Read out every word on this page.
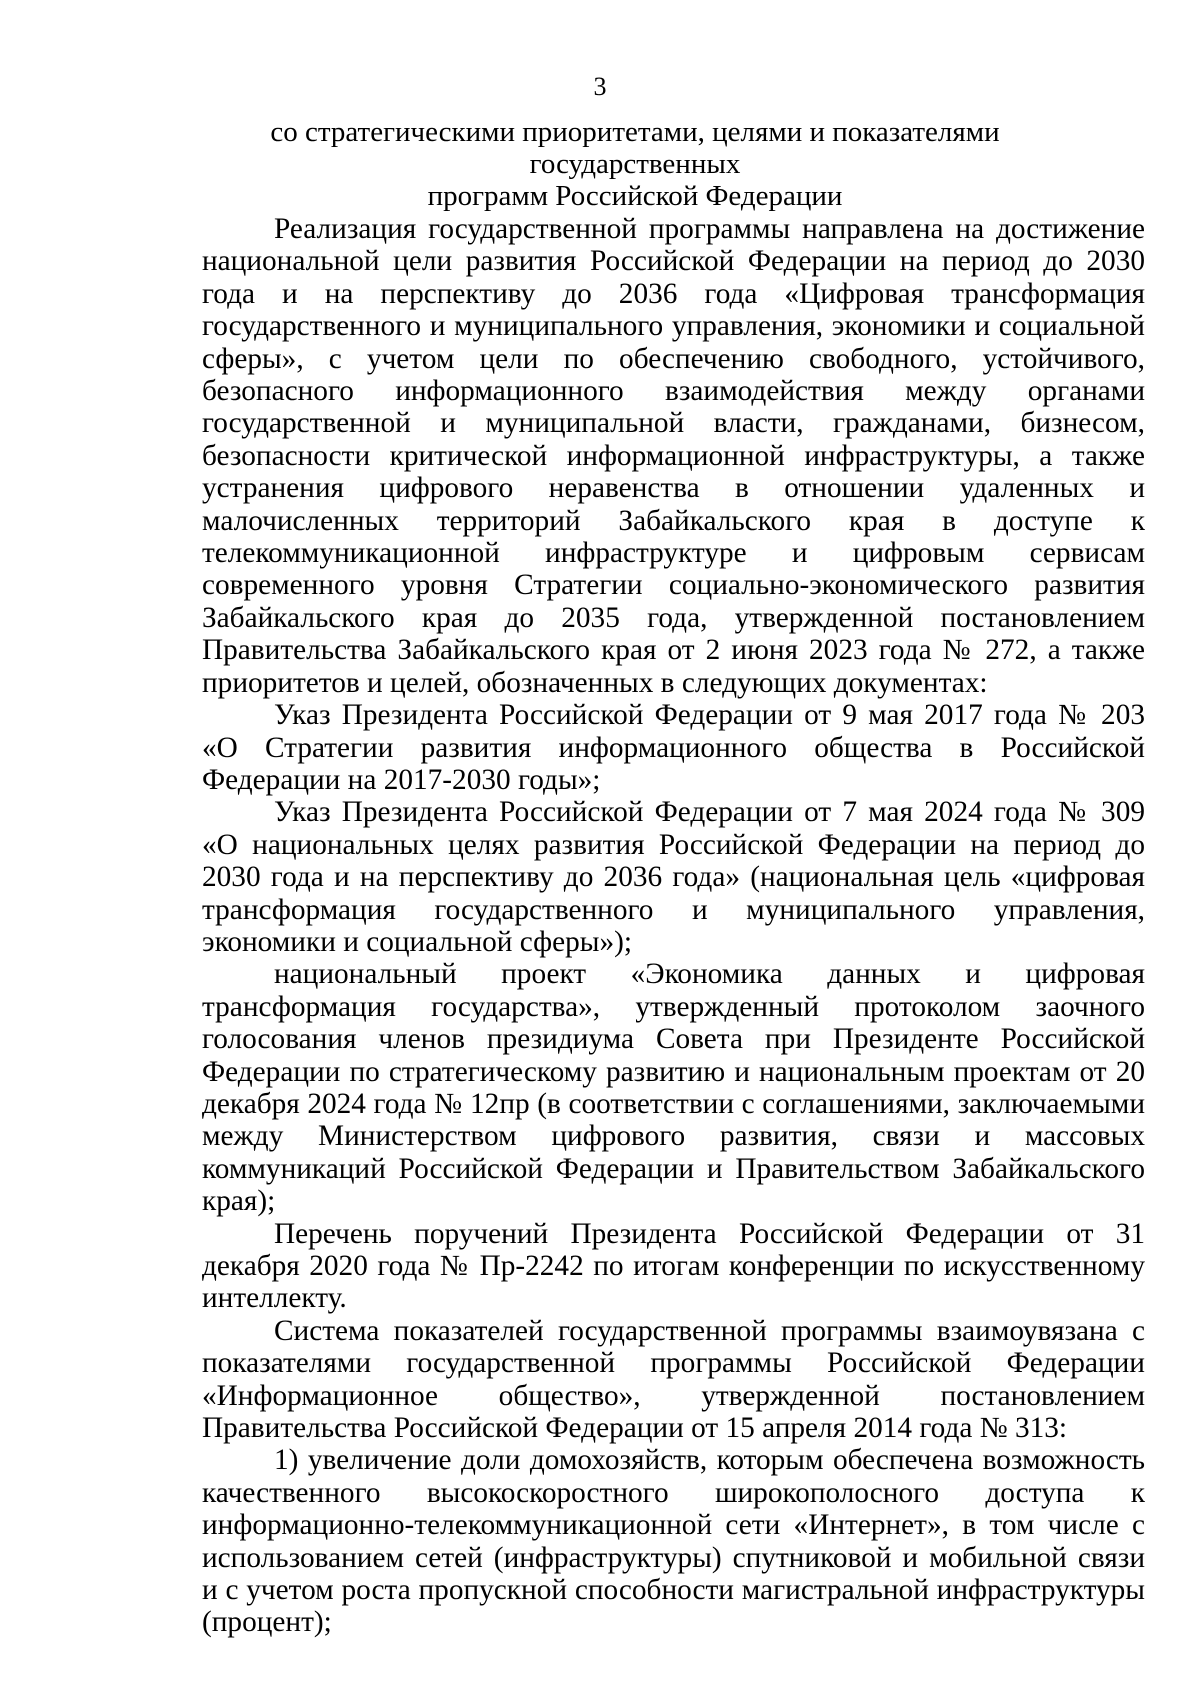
3
со стратегическими приоритетами, целями и показателями государственных
программ Российской Федерации

Реализация государственной программы направлена на достижение национальной цели развития Российской Федерации на период до 2030 года и на перспективу до 2036 года «Цифровая трансформация государственного и муниципального управления, экономики и социальной сферы», с учетом цели по обеспечению свободного, устойчивого, безопасного информационного взаимодействия между органами государственной и муниципальной власти, гражданами, бизнесом, безопасности критической информационной инфраструктуры, а также устранения цифрового неравенства в отношении удаленных и малочисленных территорий Забайкальского края в доступе к телекоммуникационной инфраструктуре и цифровым сервисам современного уровня Стратегии социально-экономического развития Забайкальского края до 2035 года, утвержденной постановлением Правительства Забайкальского края от 2 июня 2023 года № 272, а также приоритетов и целей, обозначенных в следующих документах:

Указ Президента Российской Федерации от 9 мая 2017 года № 203 «О Стратегии развития информационного общества в Российской Федерации на 2017-2030 годы»;

Указ Президента Российской Федерации от 7 мая 2024 года № 309 «О национальных целях развития Российской Федерации на период до 2030 года и на перспективу до 2036 года» (национальная цель «цифровая трансформация государственного и муниципального управления, экономики и социальной сферы»);

национальный проект «Экономика данных и цифровая трансформация государства», утвержденный протоколом заочного голосования членов президиума Совета при Президенте Российской Федерации по стратегическому развитию и национальным проектам от 20 декабря 2024 года № 12пр (в соответствии с соглашениями, заключаемыми между Министерством цифрового развития, связи и массовых коммуникаций Российской Федерации и Правительством Забайкальского края);

Перечень поручений Президента Российской Федерации от 31 декабря 2020 года № Пр-2242 по итогам конференции по искусственному интеллекту.

Система показателей государственной программы взаимоувязана с показателями государственной программы Российской Федерации «Информационное общество», утвержденной постановлением Правительства Российской Федерации от 15 апреля 2014 года № 313:

1) увеличение доли домохозяйств, которым обеспечена возможность качественного высокоскоростного широкополосного доступа к информационно-телекоммуникационной сети «Интернет», в том числе с использованием сетей (инфраструктуры) спутниковой и мобильной связи и с учетом роста пропускной способности магистральной инфраструктуры (процент);
